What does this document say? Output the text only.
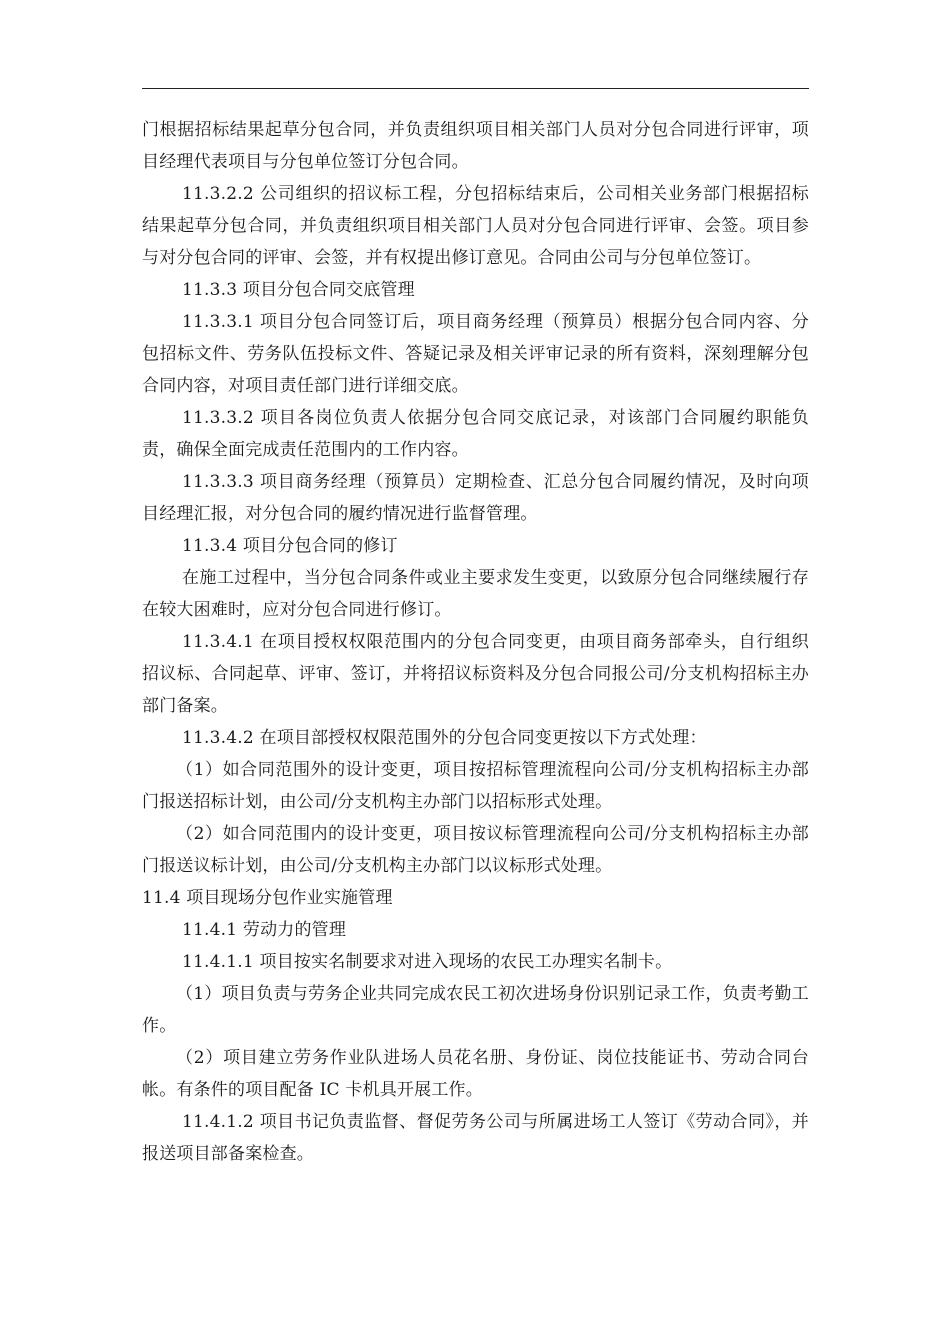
门根据招标结果起草分包合同，并负责组织项目相关部门人员对分包合同进行评审，项目经理代表项目与分包单位签订分包合同。

11.3.2.2 公司组织的招议标工程，分包招标结束后，公司相关业务部门根据招标结果起草分包合同，并负责组织项目相关部门人员对分包合同进行评审、会签。项目参与对分包合同的评审、会签，并有权提出修订意见。合同由公司与分包单位签订。

11.3.3 项目分包合同交底管理

11.3.3.1 项目分包合同签订后，项目商务经理（预算员）根据分包合同内容、分包招标文件、劳务队伍投标文件、答疑记录及相关评审记录的所有资料，深刻理解分包合同内容，对项目责任部门进行详细交底。

11.3.3.2 项目各岗位负责人依据分包合同交底记录，对该部门合同履约职能负责，确保全面完成责任范围内的工作内容。

11.3.3.3 项目商务经理（预算员）定期检查、汇总分包合同履约情况，及时向项目经理汇报，对分包合同的履约情况进行监督管理。

11.3.4 项目分包合同的修订

在施工过程中，当分包合同条件或业主要求发生变更，以致原分包合同继续履行存在较大困难时，应对分包合同进行修订。

11.3.4.1 在项目授权权限范围内的分包合同变更，由项目商务部牵头，自行组织招议标、合同起草、评审、签订，并将招议标资料及分包合同报公司/分支机构招标主办部门备案。

11.3.4.2 在项目部授权权限范围外的分包合同变更按以下方式处理：

（1）如合同范围外的设计变更，项目按招标管理流程向公司/分支机构招标主办部门报送招标计划，由公司/分支机构主办部门以招标形式处理。

（2）如合同范围内的设计变更，项目按议标管理流程向公司/分支机构招标主办部门报送议标计划，由公司/分支机构主办部门以议标形式处理。

11.4 项目现场分包作业实施管理

11.4.1 劳动力的管理

11.4.1.1 项目按实名制要求对进入现场的农民工办理实名制卡。

（1）项目负责与劳务企业共同完成农民工初次进场身份识别记录工作，负责考勤工作。

（2）项目建立劳务作业队进场人员花名册、身份证、岗位技能证书、劳动合同台帐。有条件的项目配备 IC 卡机具开展工作。

11.4.1.2 项目书记负责监督、督促劳务公司与所属进场工人签订《劳动合同》，并报送项目部备案检查。
